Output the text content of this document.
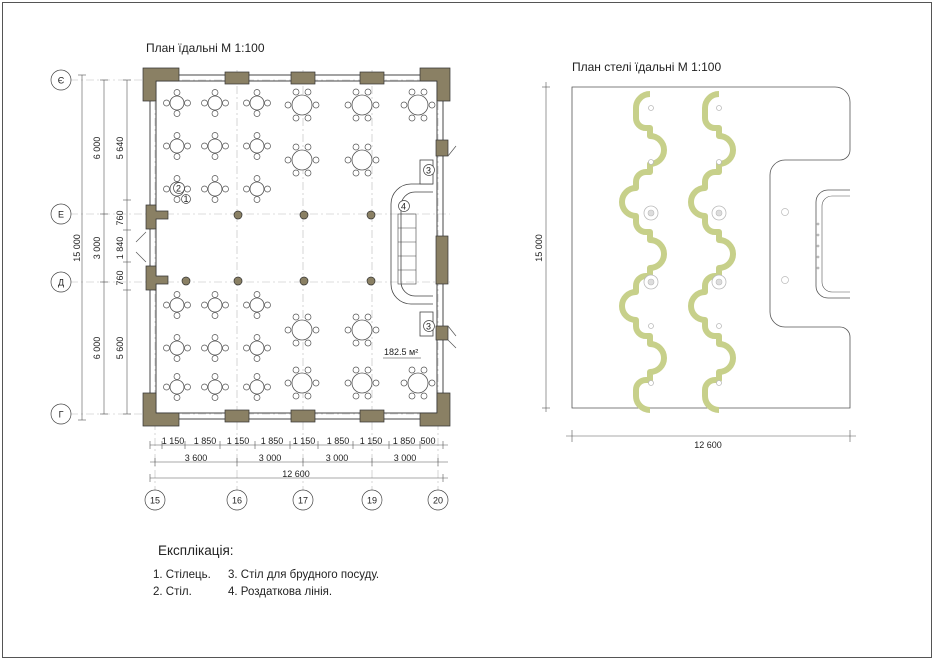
План їдальні М 1:100
1
2
3
4
3
182.5 м²
15 000
6 000
3 000
6 000
5 640
760
1 840
760
5 600
Є
Е
Д
Г
1 150 1 850 1 150 1 850 1 150 1 850 1 150 1 850 500
3 600	3 000	3 000	3 000
12 600
15	16	17	19	20
План стелі їдальні М 1:100
15 000
12 600
Експлікація:
1. Стілець.
2. Стіл.
3. Стіл для брудного посуду.
4. Роздаткова лінія.
